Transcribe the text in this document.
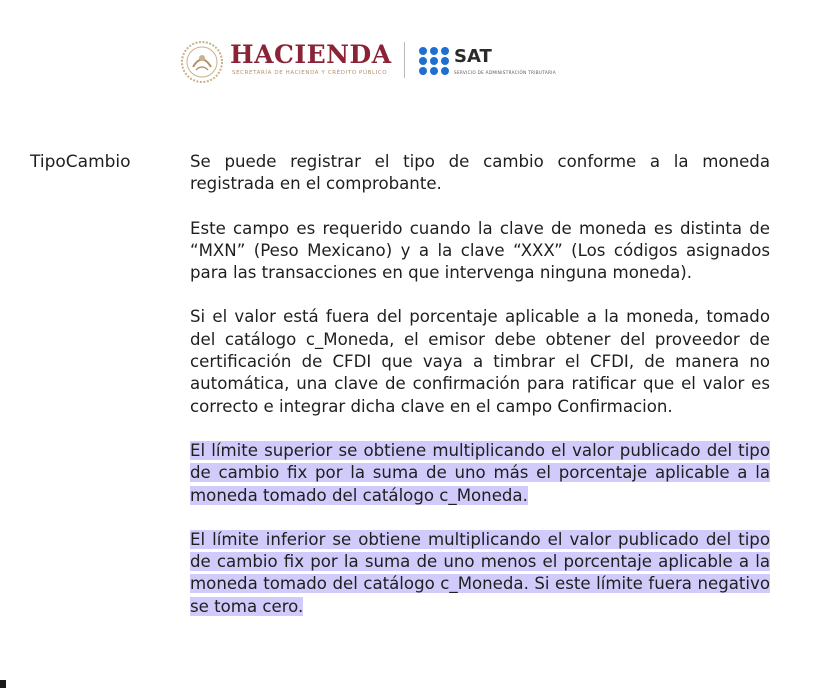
HACIENDA
SECRETARÍA DE HACIENDA Y CRÉDITO PÚBLICO
SAT
SERVICIO DE ADMINISTRACIÓN TRIBUTARIA
TipoCambio	Se puede registrar el tipo de cambio conforme a la moneda registrada en el comprobante.

Este campo es requerido cuando la clave de moneda es distinta de “MXN” (Peso Mexicano) y a la clave “XXX” (Los códigos asignados para las transacciones en que intervenga ninguna moneda).

Si el valor está fuera del porcentaje aplicable a la moneda, tomado del catálogo c_Moneda, el emisor debe obtener del proveedor de certificación de CFDI que vaya a timbrar el CFDI, de manera no automática, una clave de confirmación para ratificar que el valor es correcto e integrar dicha clave en el campo Confirmacion.

El límite superior se obtiene multiplicando el valor publicado del tipo de cambio fix por la suma de uno más el porcentaje aplicable a la moneda tomado del catálogo c_Moneda.

El límite inferior se obtiene multiplicando el valor publicado del tipo de cambio fix por la suma de uno menos el porcentaje aplicable a la moneda tomado del catálogo c_Moneda. Si este límite fuera negativo se toma cero.
